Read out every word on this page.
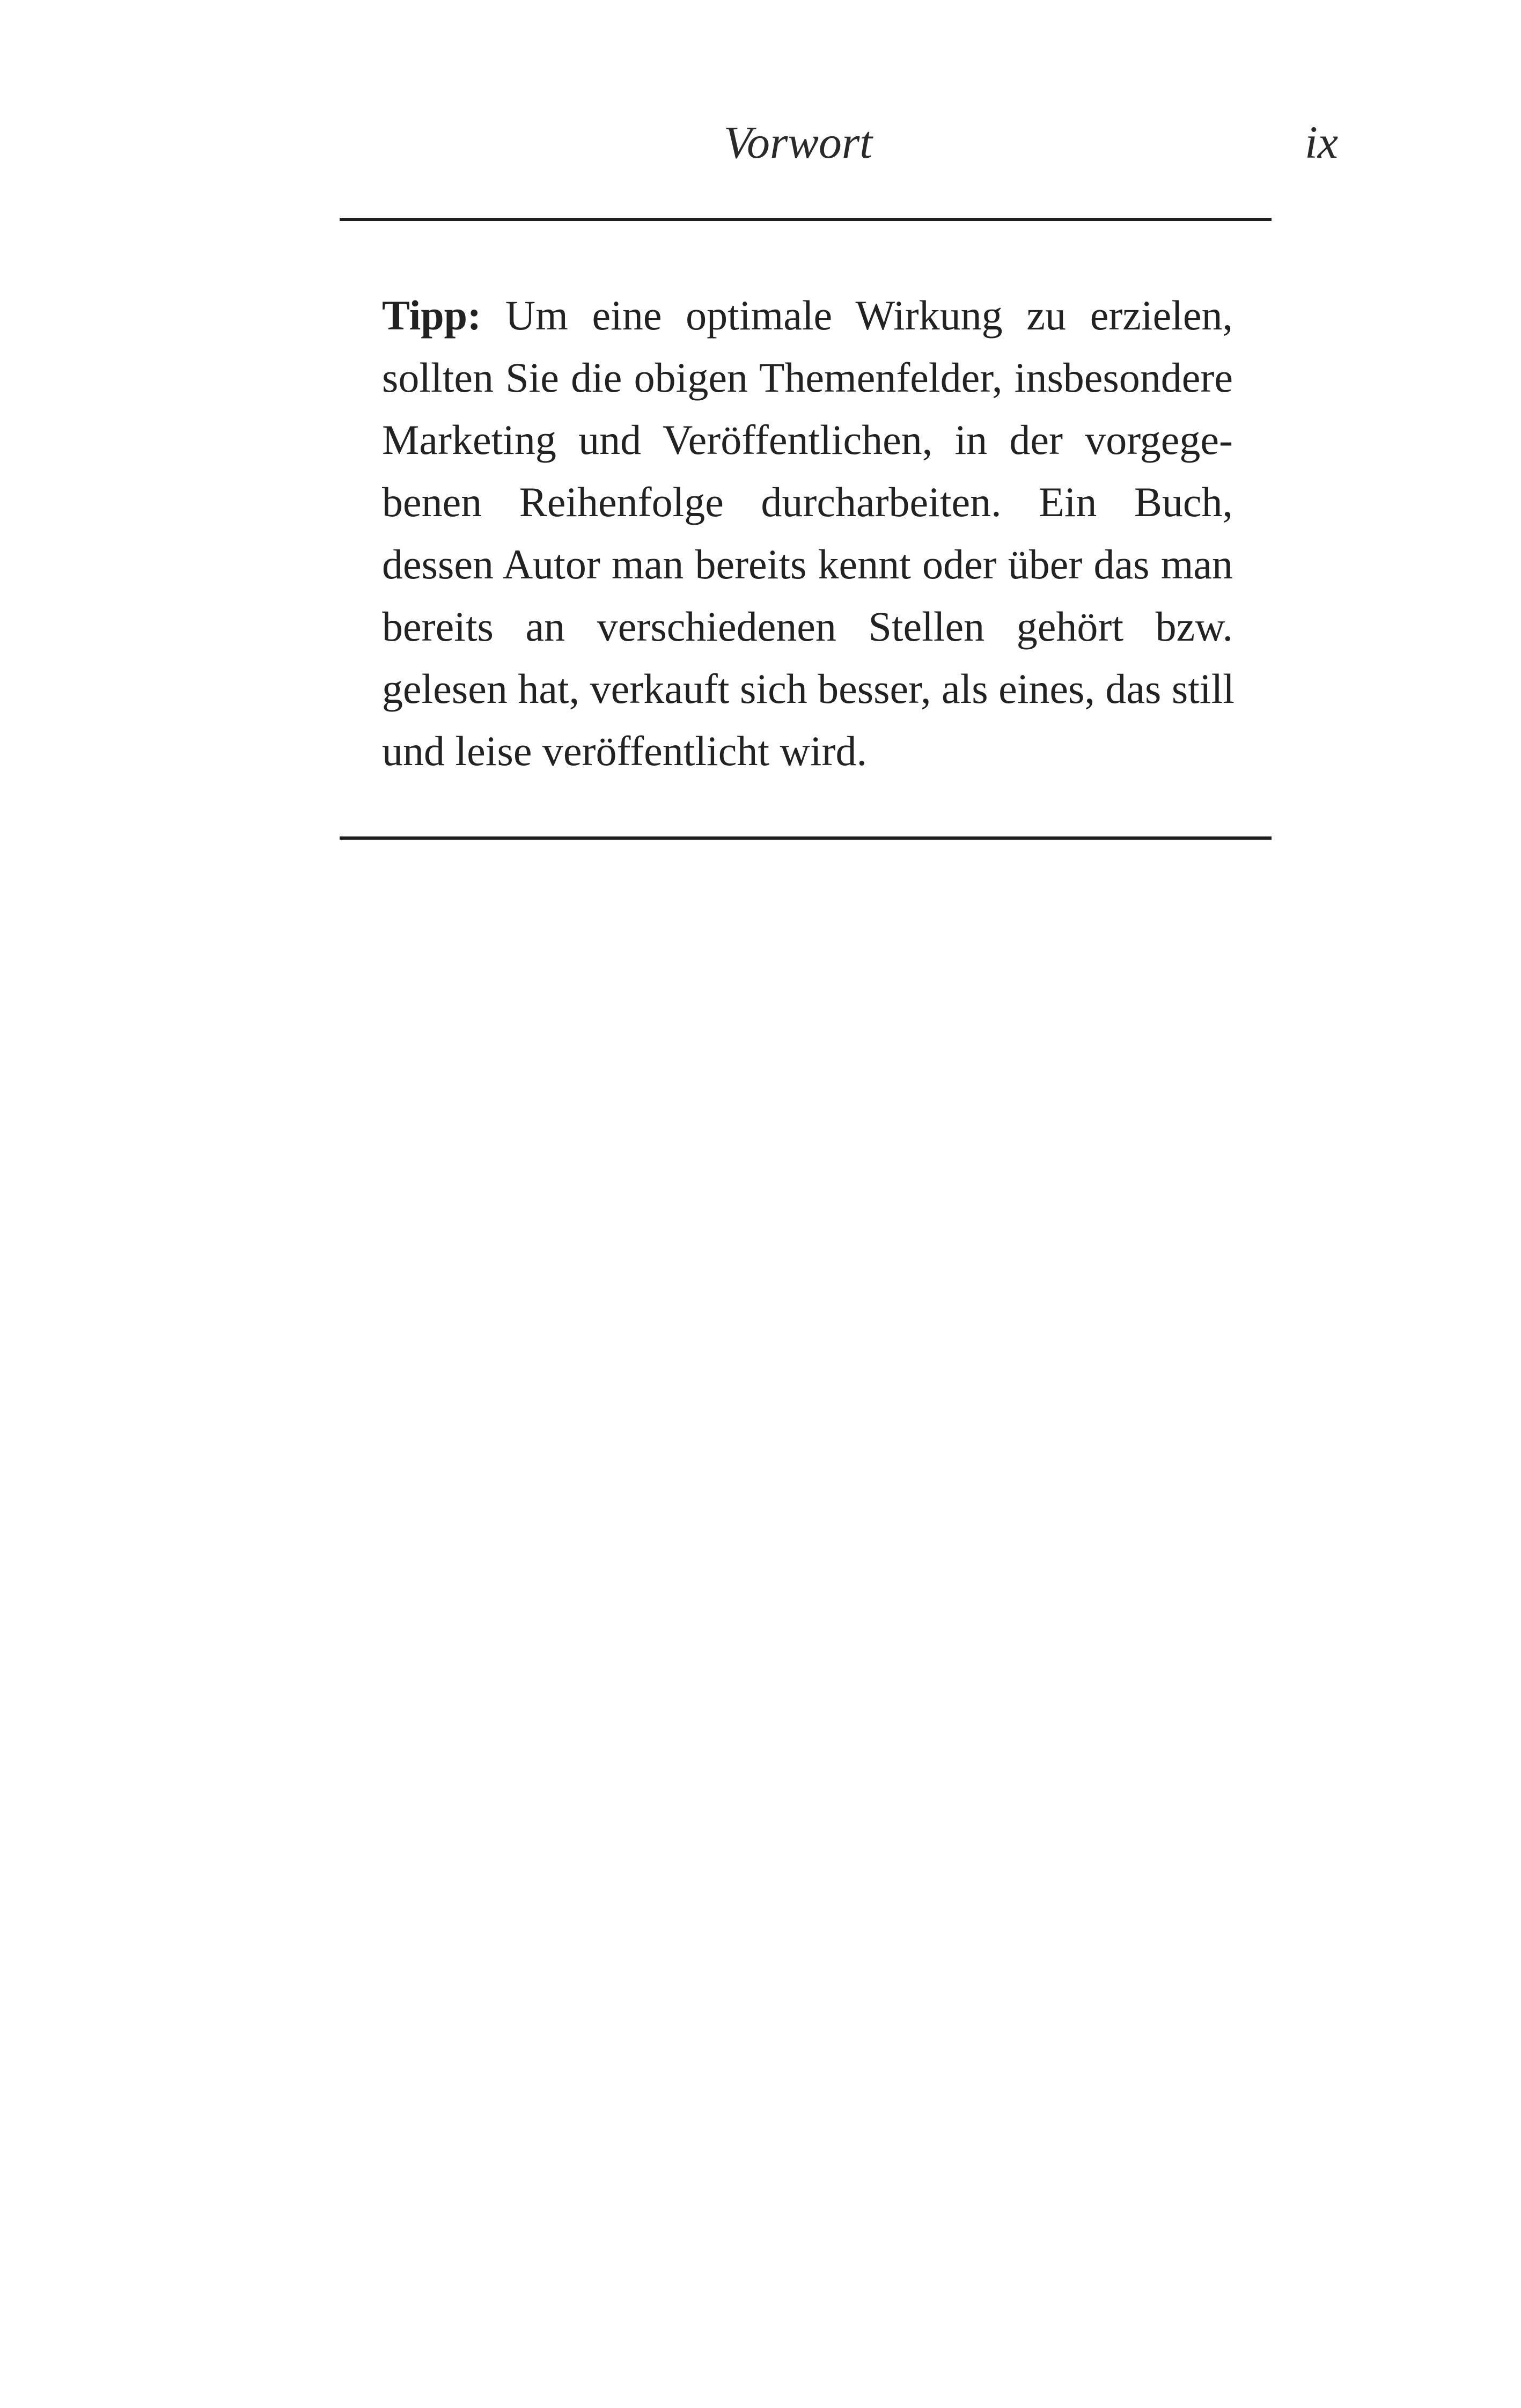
Vorwort	ix
Tipp: Um eine optimale Wirkung zu erzielen,
sollten Sie die obigen Themenfelder, insbesondere
Marketing und Veröffentlichen, in der vorgege-
benen Reihenfolge durcharbeiten. Ein Buch,
dessen Autor man bereits kennt oder über das man
bereits an verschiedenen Stellen gehört bzw.
gelesen hat, verkauft sich besser, als eines, das still
und leise veröffentlicht wird.
